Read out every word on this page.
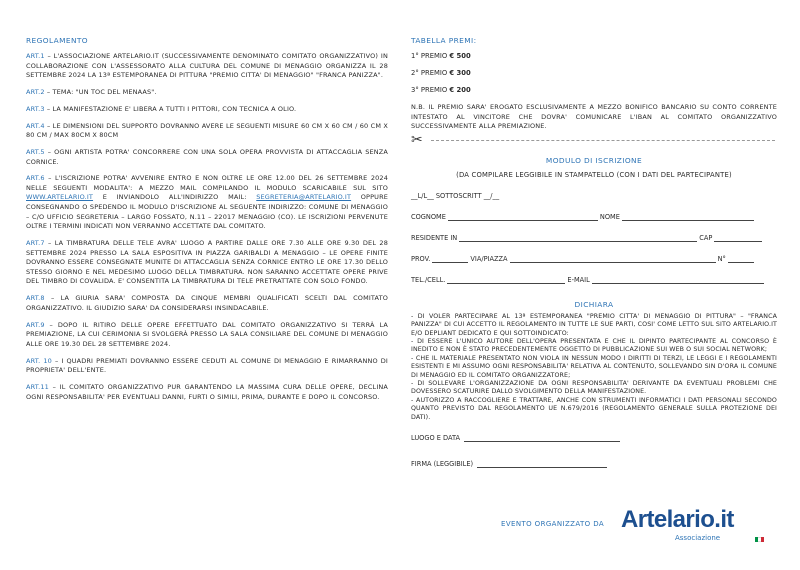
REGOLAMENTO

ART.1 – L'ASSOCIAZIONE ARTELARIO.IT (SUCCESSIVAMENTE DENOMINATO COMITATO ORGANIZZATIVO) IN COLLABORAZIONE CON L'ASSESSORATO ALLA CULTURA DEL COMUNE DI MENAGGIO ORGANIZZA IL 28 SETTEMBRE 2024 LA 13ª ESTEMPORANEA DI PITTURA "PREMIO CITTA' DI MENAGGIO" "FRANCA PANIZZA".

ART.2 – TEMA: "UN TOC DEL MENAAS".

ART.3 – LA MANIFESTAZIONE E' LIBERA A TUTTI I PITTORI, CON TECNICA A OLIO.

ART.4 – LE DIMENSIONI DEL SUPPORTO DOVRANNO AVERE LE SEGUENTI MISURE 60 CM X 60 CM / 60 CM X 80 CM / MAX 80CM X 80CM

ART.5 – OGNI ARTISTA POTRA' CONCORRERE CON UNA SOLA OPERA PROVVISTA DI ATTACCAGLIA SENZA CORNICE.

ART.6 – L'ISCRIZIONE POTRA' AVVENIRE ENTRO E NON OLTRE LE ORE 12.00 DEL 26 SETTEMBRE 2024 NELLE SEGUENTI MODALITA': A MEZZO MAIL COMPILANDO IL MODULO SCARICABILE SUL SITO WWW.ARTELARIO.IT E INVIANDOLO ALL'INDIRIZZO MAIL: SEGRETERIA@ARTELARIO.IT OPPURE CONSEGNANDO O SPEDENDO IL MODULO D'ISCRIZIONE AL SEGUENTE INDIRIZZO: COMUNE DI MENAGGIO – C/O UFFICIO SEGRETERIA – LARGO FOSSATO, N.11 – 22017 MENAGGIO (CO). LE ISCRIZIONI PERVENUTE OLTRE I TERMINI INDICATI NON VERRANNO ACCETTATE DAL COMITATO.

ART.7 – LA TIMBRATURA DELLE TELE AVRA' LUOGO A PARTIRE DALLE ORE 7.30 ALLE ORE 9.30 DEL 28 SETTEMBRE 2024 PRESSO LA SALA ESPOSITIVA IN PIAZZA GARIBALDI A MENAGGIO – LE OPERE FINITE DOVRANNO ESSERE CONSEGNATE MUNITE DI ATTACCAGLIA SENZA CORNICE ENTRO LE ORE 17.30 DELLO STESSO GIORNO E NEL MEDESIMO LUOGO DELLA TIMBRATURA. NON SARANNO ACCETTATE OPERE PRIVE DEL TIMBRO DI COVALIDA. E' CONSENTITA LA TIMBRATURA DI TELE PRETRATTATE CON SOLO FONDO.

ART.8 – LA GIURIA SARA' COMPOSTA DA CINQUE MEMBRI QUALIFICATI SCELTI DAL COMITATO ORGANIZZATIVO. IL GIUDIZIO SARA' DA CONSIDERARSI INSINDACABILE.

ART.9 – DOPO IL RITIRO DELLE OPERE EFFETTUATO DAL COMITATO ORGANIZZATIVO SI TERRÀ LA PREMIAZIONE, LA CUI CERIMONIA SI SVOLGERÀ PRESSO LA SALA CONSILIARE DEL COMUNE DI MENAGGIO ALLE ORE 19.30 DEL 28 SETTEMBRE 2024.

ART. 10 – I QUADRI PREMIATI DOVRANNO ESSERE CEDUTI AL COMUNE DI MENAGGIO E RIMARRANNO DI PROPRIETA' DELL'ENTE.

ART.11 – IL COMITATO ORGANIZZATIVO PUR GARANTENDO LA MASSIMA CURA DELLE OPERE, DECLINA OGNI RESPONSABILITA' PER EVENTUALI DANNI, FURTI O SIMILI, PRIMA, DURANTE E DOPO IL CONCORSO.

TABELLA PREMI:
1° PREMIO € 500
2° PREMIO € 300
3° PREMIO € 200
N.B. IL PREMIO SARA' EROGATO ESCLUSIVAMENTE A MEZZO BONIFICO BANCARIO SU CONTO CORRENTE INTESTATO AL VINCITORE CHE DOVRA' COMUNICARE L'IBAN AL COMITATO ORGANIZZATIVO SUCCESSIVAMENTE ALLA PREMIAZIONE.
✂
MODULO DI ISCRIZIONE
(DA COMPILARE LEGGIBILE IN STAMPATELLO (CON I DATI DEL PARTECIPANTE)
__L/L__ SOTTOSCRITT __/__
COGNOME	NOME
RESIDENTE IN	CAP
PROV.	VIA/PIAZZA	N°
TEL./CELL.	E-MAIL
DICHIARA

- DI VOLER PARTECIPARE AL 13ª ESTEMPORANEA "PREMIO CITTA' DI MENAGGIO DI PITTURA" – "FRANCA PANIZZA" DI CUI ACCETTO IL REGOLAMENTO IN TUTTE LE SUE PARTI, COSI' COME LETTO SUL SITO ARTELARIO.IT E/O DEPLIANT DEDICATO E QUI SOTTOINDICATO:

- DI ESSERE L'UNICO AUTORE DELL'OPERA PRESENTATA E CHE IL DIPINTO PARTECIPANTE AL CONCORSO È INEDITO E NON È STATO PRECEDENTEMENTE OGGETTO DI PUBBLICAZIONE SUI WEB O SUI SOCIAL NETWORK;

- CHE IL MATERIALE PRESENTATO NON VIOLA IN NESSUN MODO I DIRITTI DI TERZI, LE LEGGI E I REGOLAMENTI ESISTENTI E MI ASSUMO OGNI RESPONSABILITA' RELATIVA AL CONTENUTO, SOLLEVANDO SIN D'ORA IL COMUNE DI MENAGGIO ED IL COMITATO ORGANIZZATORE;

- DI SOLLEVARE L'ORGANIZZAZIONE DA OGNI RESPONSABILITA' DERIVANTE DA EVENTUALI PROBLEMI CHE DOVESSERO SCATURIRE DALLO SVOLGIMENTO DELLA MANIFESTAZIONE.

- AUTORIZZO A RACCOGLIERE E TRATTARE, ANCHE CON STRUMENTI INFORMATICI I DATI PERSONALI SECONDO QUANTO PREVISTO DAL REGOLAMENTO UE N.679/2016 (REGOLAMENTO GENERALE SULLA PROTEZIONE DEI DATI).

LUOGO E DATA
FIRMA (LEGGIBILE)
EVENTO ORGANIZZATO DA Artelario.it
Associazione
